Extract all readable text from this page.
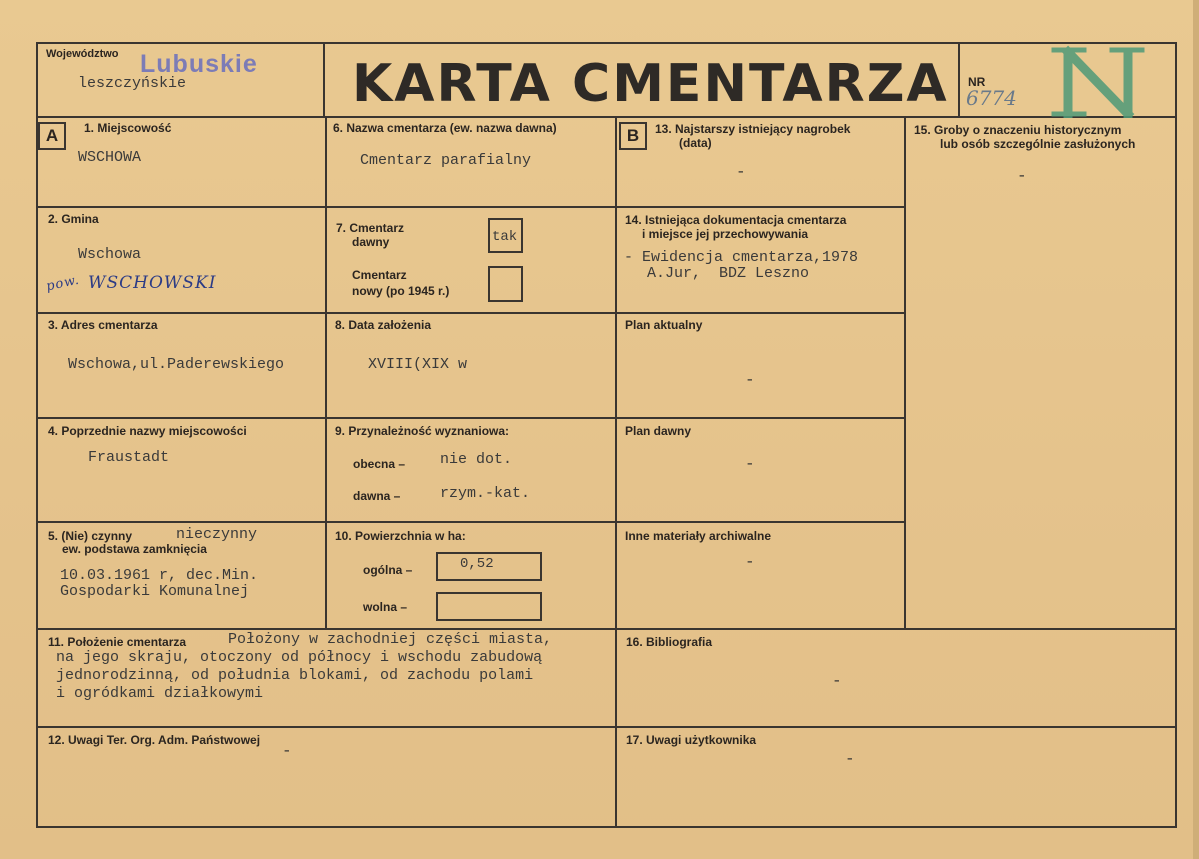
Województwo Lubuskie
leszczyńskie	KARTA CMENTARZA NR
6774
A	B
1. Miejscowość
WSCHOWA
2. Gmina
Wschowa
pow. WSCHOWSKI
3. Adres cmentarza
Wschowa,ul.Paderewskiego
4. Poprzednie nazwy miejscowości
Fraustadt
5. (Nie) czynny
ew. podstawa zamknięcia
nieczynny
10.03.1961 r, dec.Min.
Gospodarki Komunalnej
6. Nazwa cmentarza (ew. nazwa dawna)
Cmentarz parafialny
7. Cmentarz
dawny	tak
Cmentarz
nowy (po 1945 r.)
8. Data założenia
XVIII(XIX w
9. Przynależność wyznaniowa:
obecna – nie dot.
dawna –	rzym.-kat.
10. Powierzchnia w ha:
ogólna –	0,52
wolna –
11. Położenie cmentarza	Położony w zachodniej części miasta,
na jego skraju, otoczony od północy i wschodu zabudową
jednorodzinną, od południa blokami, od zachodu polami
i ogródkami działkowymi
12. Uwagi Ter. Org. Adm. Państwowej
-
13. Najstarszy istniejący nagrobek
(data)
-
14. Istniejąca dokumentacja cmentarza
i miejsce jej przechowywania
- Ewidencja cmentarza,1978
A.Jur,  BDZ Leszno
Plan aktualny
-
Plan dawny
-
Inne materiały archiwalne
-
15. Groby o znaczeniu historycznym
lub osób szczególnie zasłużonych
-
16. Bibliografia
-
17. Uwagi użytkownika
-
